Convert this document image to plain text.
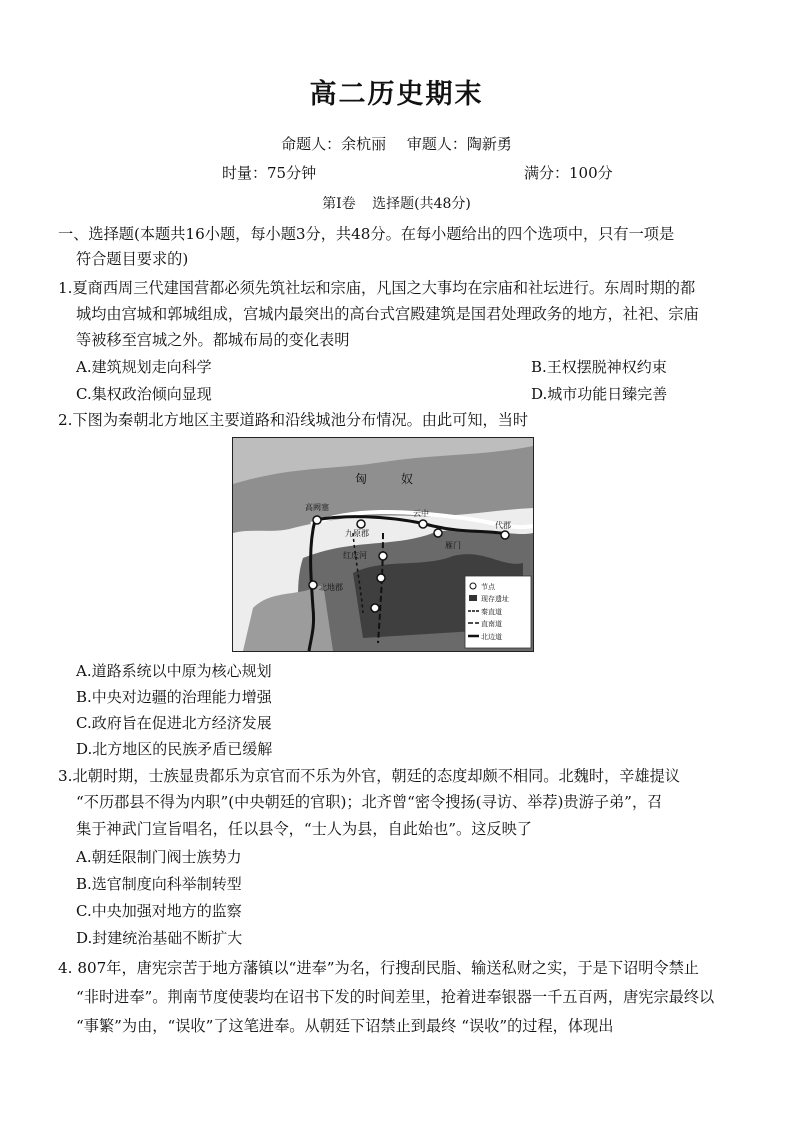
高二历史期末
命题人：余杭丽 审题人：陶新勇
时量：75分钟	满分：100分
第Ⅰ卷 选择题(共48分)
一、选择题(本题共16小题，每小题3分，共48分。在每小题给出的四个选项中，只有一项是
符合题目要求的)
1.夏商西周三代建国营都必须先筑社坛和宗庙，凡国之大事均在宗庙和社坛进行。东周时期的都
城均由宫城和郭城组成，宫城内最突出的高台式宫殿建筑是国君处理政务的地方，社祀、宗庙
等被移至宫城之外。都城布局的变化表明
A.建筑规划走向科学	B.王权摆脱神权约束
C.集权政治倾向显现	D.城市功能日臻完善
2.下图为秦朝北方地区主要道路和沿线城池分布情况。由此可知，当时
匈	奴
高阙塞
九原郡
云中
雁门
代郡
红庆河
北地郡	节点
现存遗址
秦直道
直南道
北边道
A.道路系统以中原为核心规划
B.中央对边疆的治理能力增强
C.政府旨在促进北方经济发展
D.北方地区的民族矛盾已缓解
3.北朝时期，士族显贵都乐为京官而不乐为外官，朝廷的态度却颇不相同。北魏时，辛雄提议
“不历郡县不得为内职”(中央朝廷的官职)；北齐曾“密令搜扬(寻访、举荐)贵游子弟”，召
集于神武门宣旨唱名，任以县令，“士人为县，自此始也”。这反映了
A.朝廷限制门阀士族势力
B.选官制度向科举制转型
C.中央加强对地方的监察
D.封建统治基础不断扩大
4. 807年，唐宪宗苦于地方藩镇以“进奉”为名，行搜刮民脂、输送私财之实，于是下诏明令禁止
“非时进奉”。荆南节度使裴均在诏书下发的时间差里，抢着进奉银器一千五百两，唐宪宗最终以
“事繁”为由，“误收”了这笔进奉。从朝廷下诏禁止到最终 “误收”的过程，体现出
